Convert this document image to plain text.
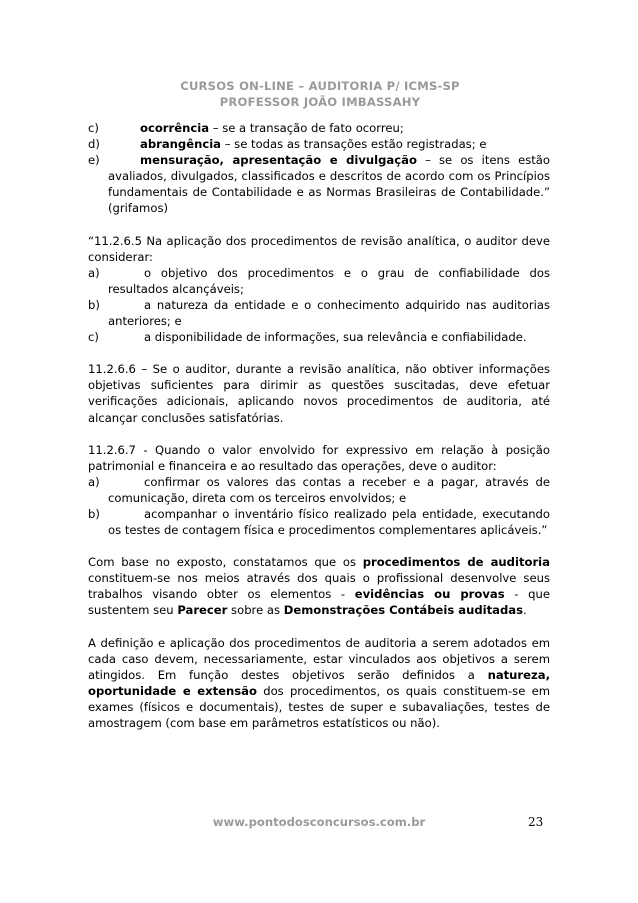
CURSOS ON-LINE – AUDITORIA P/ ICMS-SP
PROFESSOR JOÃO IMBASSAHY
c)	ocorrência – se a transação de fato ocorreu;
d)	abrangência – se todas as transações estão registradas; e
e)	mensuração, apresentação e divulgação – se os itens estão avaliados, divulgados, classificados e descritos de acordo com os Princípios fundamentais de Contabilidade e as Normas Brasileiras de Contabilidade.” (grifamos)
“11.2.6.5 Na aplicação dos procedimentos de revisão analítica, o auditor deve considerar:
a)	o objetivo dos procedimentos e o grau de confiabilidade dos resultados alcançáveis;
b)	a natureza da entidade e o conhecimento adquirido nas auditorias anteriores; e
c)	a disponibilidade de informações, sua relevância e confiabilidade.
11.2.6.6 – Se o auditor, durante a revisão analítica, não obtiver informações objetivas suficientes para dirimir as questões suscitadas, deve efetuar verificações adicionais, aplicando novos procedimentos de auditoria, até alcançar conclusões satisfatórias.
11.2.6.7 - Quando o valor envolvido for expressivo em relação à posição patrimonial e financeira e ao resultado das operações, deve o auditor:
a)	confirmar os valores das contas a receber e a pagar, através de comunicação, direta com os terceiros envolvidos; e
b)	acompanhar o inventário físico realizado pela entidade, executando os testes de contagem física e procedimentos complementares aplicáveis.”
Com base no exposto, constatamos que os procedimentos de auditoria constituem-se nos meios através dos quais o profissional desenvolve seus trabalhos visando obter os elementos - evidências ou provas - que sustentem seu Parecer sobre as Demonstrações Contábeis auditadas.
A definição e aplicação dos procedimentos de auditoria a serem adotados em cada caso devem, necessariamente, estar vinculados aos objetivos a serem atingidos. Em função destes objetivos serão definidos a natureza, oportunidade e extensão dos procedimentos, os quais constituem-se em exames (físicos e documentais), testes de super e subavaliações, testes de amostragem (com base em parâmetros estatísticos ou não).
www.pontodosconcursos.com.br	23
